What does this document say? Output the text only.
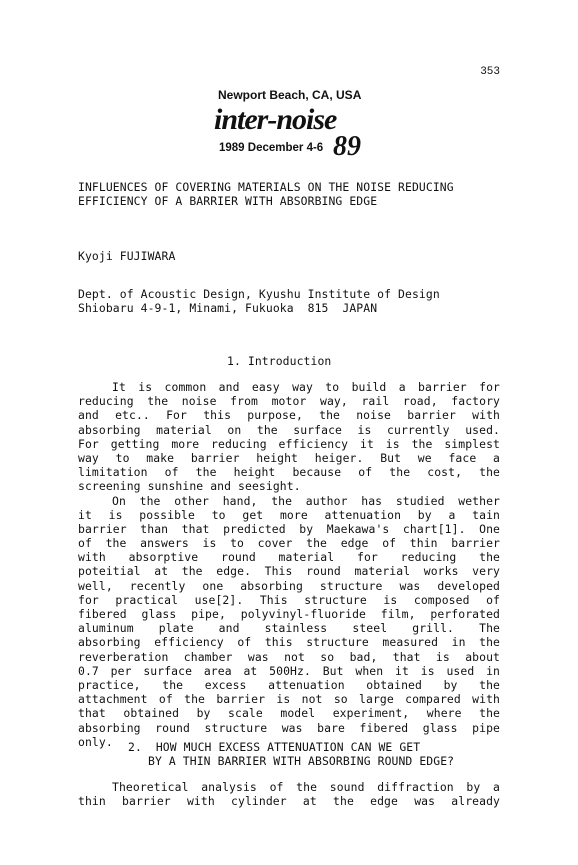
353
Newport Beach, CA, USA
inter-noise
1989 December 4-6 89
INFLUENCES OF COVERING MATERIALS ON THE NOISE REDUCING
EFFICIENCY OF A BARRIER WITH ABSORBING EDGE
Kyoji FUJIWARA
Dept. of Acoustic Design, Kyushu Institute of Design
Shiobaru 4-9-1, Minami, Fukuoka  815  JAPAN
1. Introduction
It is common and easy way to build a barrier for
reducing the noise from motor way, rail road, factory
and etc.. For this purpose, the noise barrier with
absorbing material on the surface is currently used.
For getting more reducing efficiency it is the simplest
way to make barrier height heiger. But we face a
limitation of the height because of the cost, the
screening sunshine and seesight.
On the other hand, the author has studied wether
it is possible to get more attenuation by a tain
barrier than that predicted by Maekawa's chart[1]. One
of the answers is to cover the edge of thin barrier
with absorptive round material for reducing the
poteitial at the edge. This round material works very
well, recently one absorbing structure was developed
for practical use[2]. This structure is composed of
fibered glass pipe, polyvinyl-fluoride film, perforated
aluminum plate and stainless steel grill. The
absorbing efficiency of this structure measured in the
reverberation chamber was not so bad, that is about
0.7 per surface area at 500Hz. But when it is used in
practice, the excess attenuation obtained by the
attachment of the barrier is not so large compared with
that obtained by scale model experiment, where the
absorbing round structure was bare fibered glass pipe
only.	2.  HOW MUCH EXCESS ATTENUATION CAN WE GET
BY A THIN BARRIER WITH ABSORBING ROUND EDGE?
Theoretical analysis of the sound diffraction by a
thin barrier with cylinder at the edge was already
